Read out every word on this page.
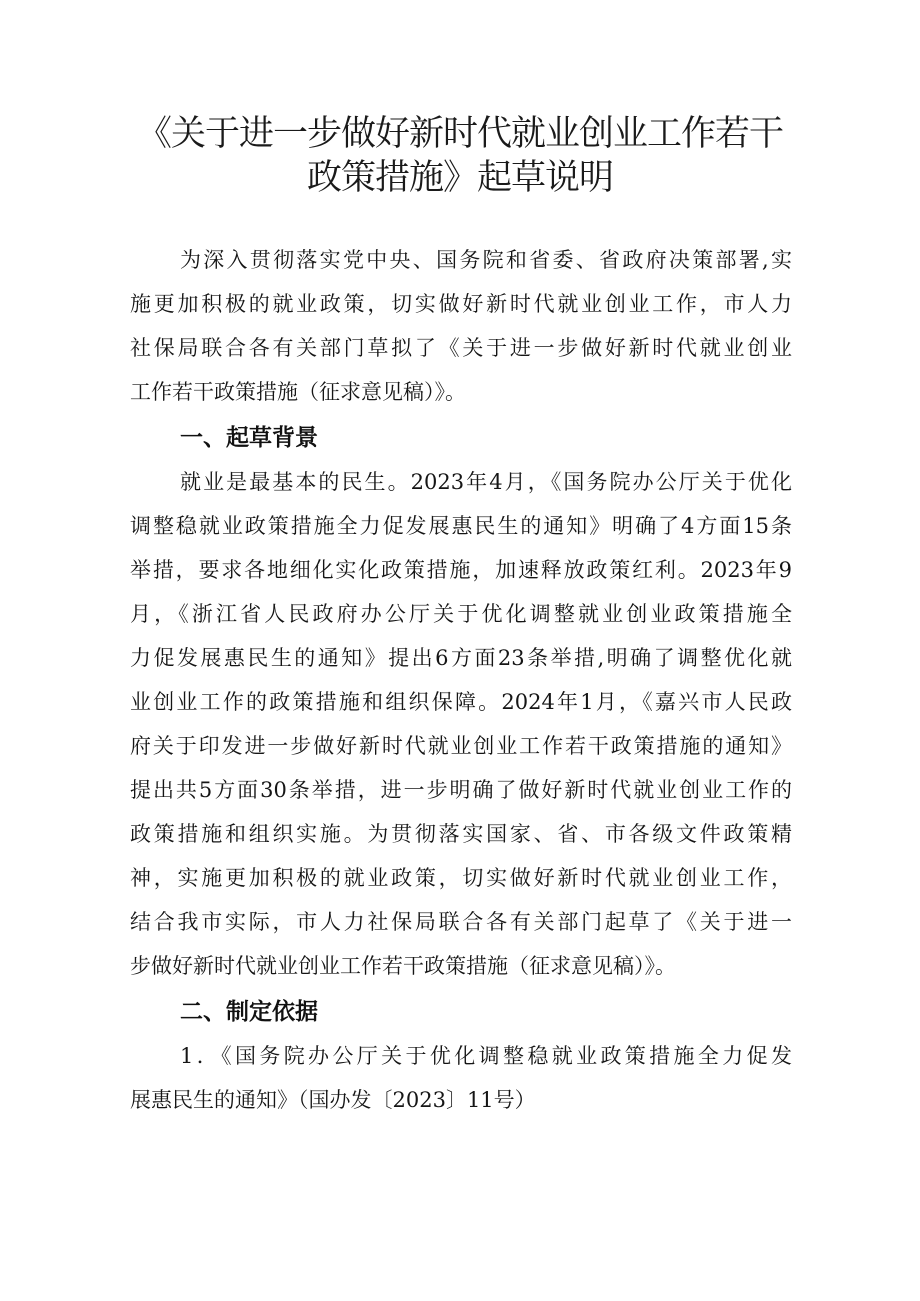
《关于进一步做好新时代就业创业工作若干
政策措施》起草说明
为深入贯彻落实党中央、国务院和省委、省政府决策部署,实
施更加积极的就业政策，切实做好新时代就业创业工作，市人力
社保局联合各有关部门草拟了《关于进一步做好新时代就业创业
工作若干政策措施（征求意见稿）》。
一、起草背景
就业是最基本的民生。2023年4月，《国务院办公厅关于优化
调整稳就业政策措施全力促发展惠民生的通知》明确了4方面15条
举措，要求各地细化实化政策措施，加速释放政策红利。2023年9
月，《浙江省人民政府办公厅关于优化调整就业创业政策措施全
力促发展惠民生的通知》提出6方面23条举措,明确了调整优化就
业创业工作的政策措施和组织保障。2024年1月，《嘉兴市人民政
府关于印发进一步做好新时代就业创业工作若干政策措施的通知》
提出共5方面30条举措，进一步明确了做好新时代就业创业工作的
政策措施和组织实施。为贯彻落实国家、省、市各级文件政策精
神，实施更加积极的就业政策，切实做好新时代就业创业工作，
结合我市实际，市人力社保局联合各有关部门起草了《关于进一
步做好新时代就业创业工作若干政策措施（征求意见稿）》。
二、制定依据
1．《国务院办公厅关于优化调整稳就业政策措施全力促发
展惠民生的通知》（国办发〔2023〕11号）
